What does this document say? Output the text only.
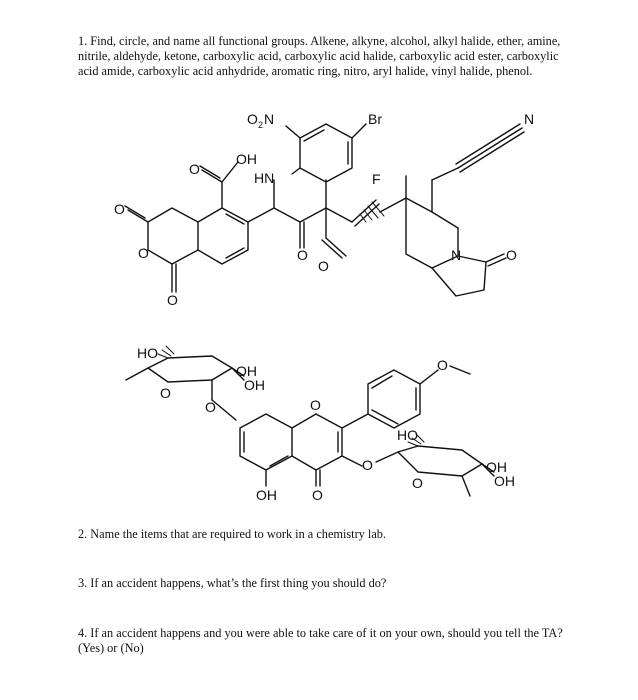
1. Find, circle, and name all functional groups. Alkene, alkyne, alcohol, alkyl halide, ether, amine, nitrile, aldehyde, ketone, carboxylic acid, carboxylic acid halide, carboxylic acid ester, carboxylic acid amide, carboxylic acid anhydride, aromatic ring, nitro, aryl halide, vinyl halide, phenol.
O 2 N	Br	N
OH
HN	F
O
O
O
O
O
O
N	O
HO
OH
OH
O
O	O
O
OH	O
O
HO
OH
OH
O
2. Name the items that are required to work in a chemistry lab.
3. If an accident happens, what’s the first thing you should do?
4. If an accident happens and you were able to take care of it on your own, should you tell the TA? (Yes) or (No)
